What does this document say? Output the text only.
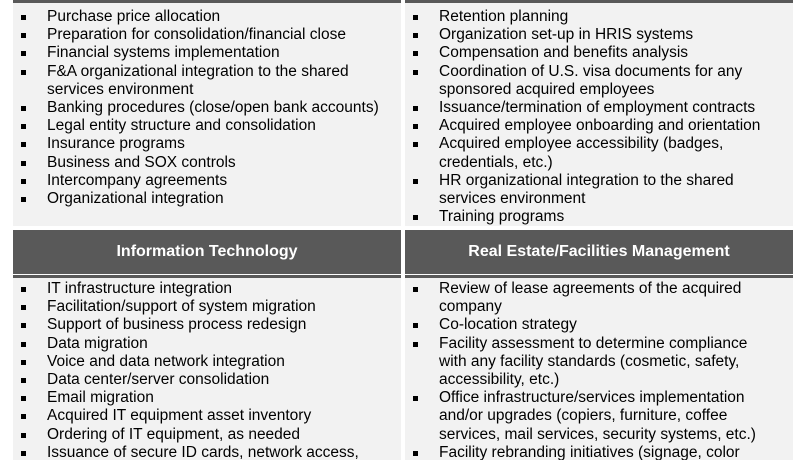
Purchase price allocation
Preparation for consolidation/financial close
Financial systems implementation
F&A organizational integration to the shared
services environment
Banking procedures (close/open bank accounts)
Legal entity structure and consolidation
Insurance programs
Business and SOX controls
Intercompany agreements
Organizational integration
Retention planning
Organization set-up in HRIS systems
Compensation and benefits analysis
Coordination of U.S. visa documents for any
sponsored acquired employees
Issuance/termination of employment contracts
Acquired employee onboarding and orientation
Acquired employee accessibility (badges,
credentials, etc.)
HR organizational integration to the shared
services environment
Training programs
Information Technology	Real Estate/Facilities Management
IT infrastructure integration
Facilitation/support of system migration
Support of business process redesign
Data migration
Voice and data network integration
Data center/server consolidation
Email migration
Acquired IT equipment asset inventory
Ordering of IT equipment, as needed
Issuance of secure ID cards, network access,
Review of lease agreements of the acquired
company
Co-location strategy
Facility assessment to determine compliance
with any facility standards (cosmetic, safety,
accessibility, etc.)
Office infrastructure/services implementation
and/or upgrades (copiers, furniture, coffee
services, mail services, security systems, etc.)
Facility rebranding initiatives (signage, color
